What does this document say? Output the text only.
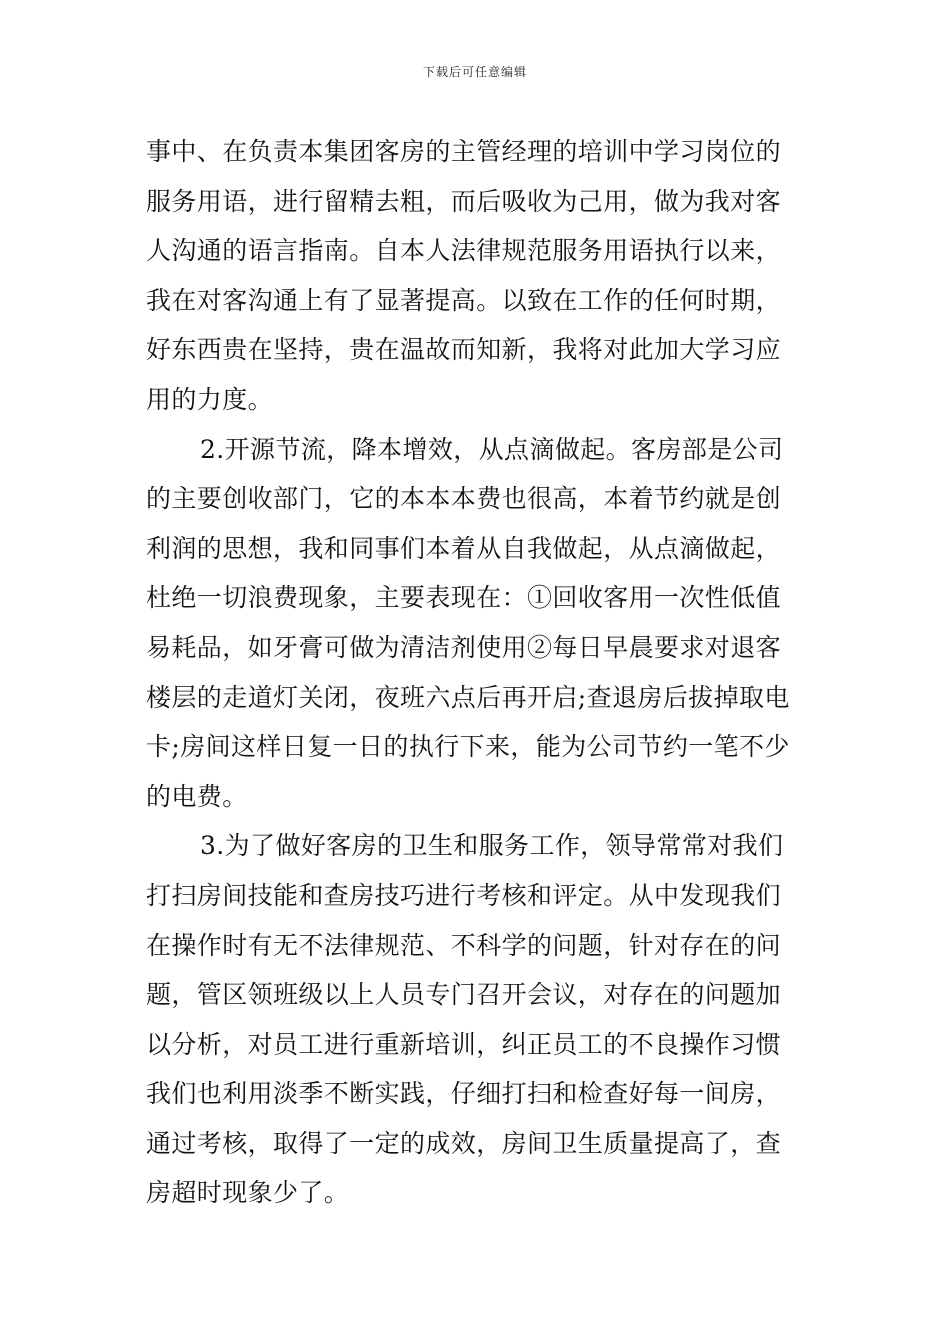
下载后可任意编辑
事中、在负责本集团客房的主管经理的培训中学习岗位的
服务用语，进行留精去粗，而后吸收为己用，做为我对客
人沟通的语言指南。自本人法律规范服务用语执行以来，
我在对客沟通上有了显著提高。以致在工作的任何时期，
好东西贵在坚持，贵在温故而知新，我将对此加大学习应
用的力度。
2.开源节流，降本增效，从点滴做起。客房部是公司
的主要创收部门，它的本本本费也很高，本着节约就是创
利润的思想，我和同事们本着从自我做起，从点滴做起，
杜绝一切浪费现象，主要表现在：①回收客用一次性低值
易耗品，如牙膏可做为清洁剂使用②每日早晨要求对退客
楼层的走道灯关闭，夜班六点后再开启;查退房后拔掉取电
卡;房间这样日复一日的执行下来，能为公司节约一笔不少
的电费。
3.为了做好客房的卫生和服务工作，领导常常对我们
打扫房间技能和查房技巧进行考核和评定。从中发现我们
在操作时有无不法律规范、不科学的问题，针对存在的问
题，管区领班级以上人员专门召开会议，对存在的问题加
以分析，对员工进行重新培训，纠正员工的不良操作习惯
我们也利用淡季不断实践，仔细打扫和检查好每一间房，
通过考核，取得了一定的成效，房间卫生质量提高了，查
房超时现象少了。
